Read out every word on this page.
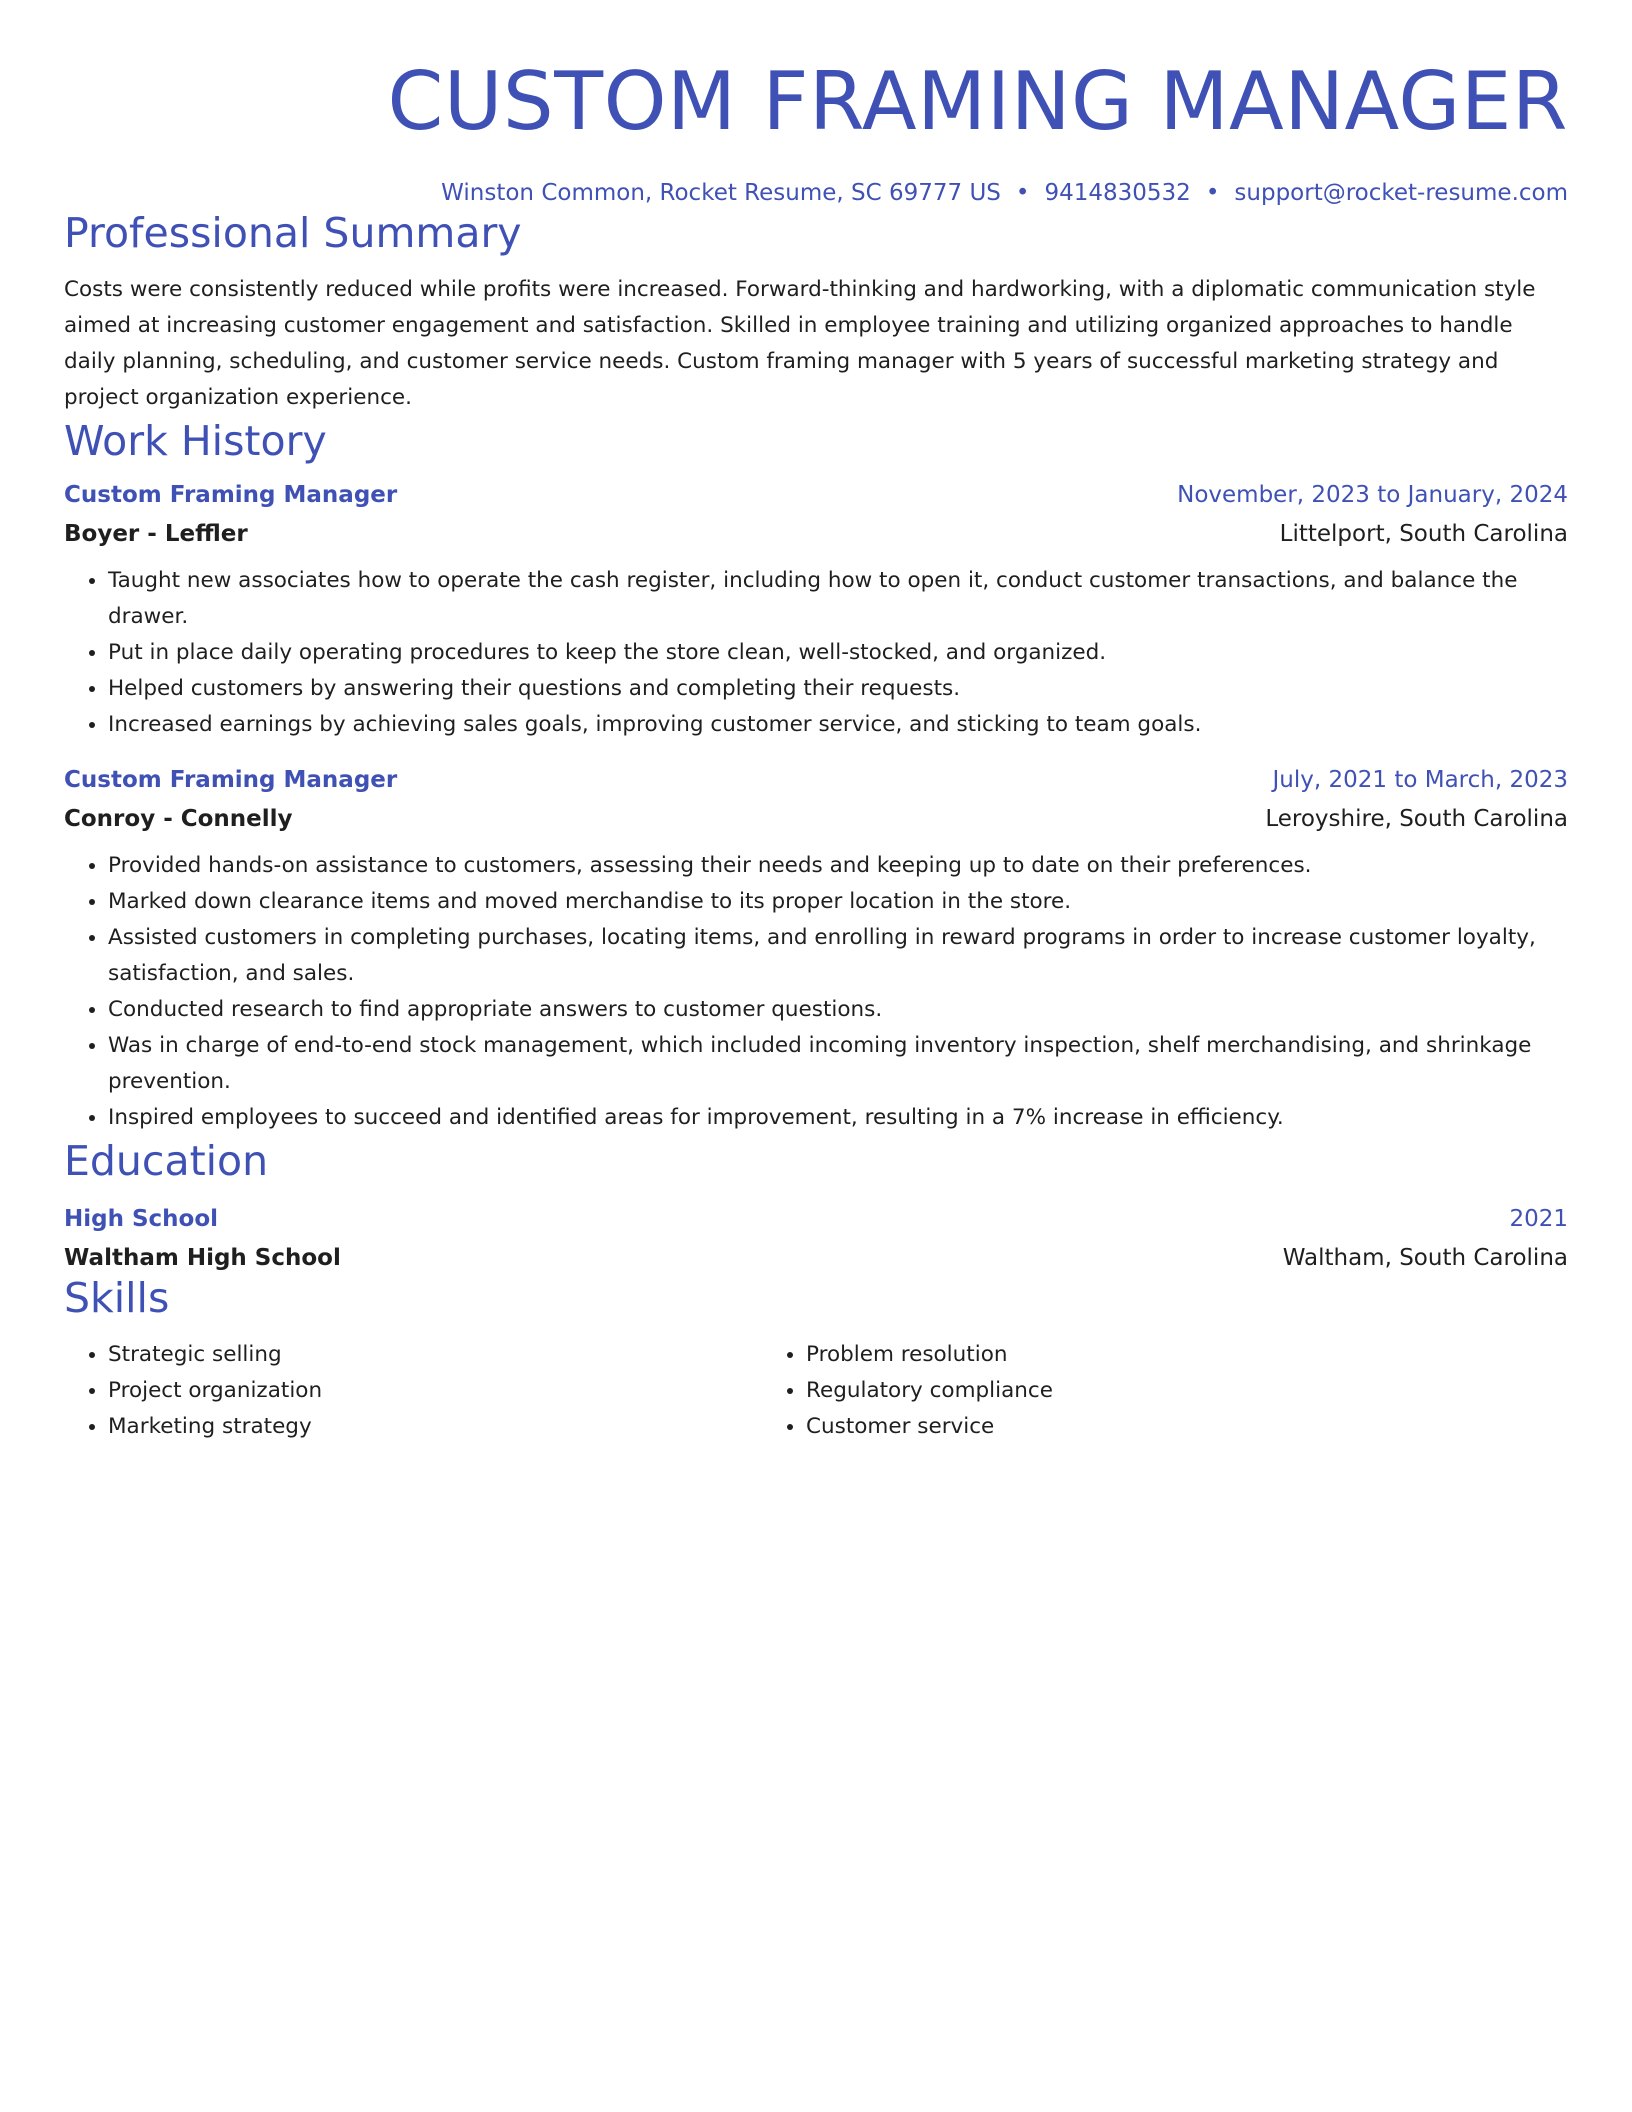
CUSTOM FRAMING MANAGER
Winston Common, Rocket Resume, SC 69777 US • 9414830532 • support@rocket-resume.com
Professional Summary
Costs were consistently reduced while profits were increased. Forward-thinking and hardworking, with a diplomatic communication style aimed at increasing customer engagement and satisfaction. Skilled in employee training and utilizing organized approaches to handle daily planning, scheduling, and customer service needs. Custom framing manager with 5 years of successful marketing strategy and project organization experience.
Work History
Custom Framing Manager	November, 2023 to January, 2024
Boyer - Leffler	Littelport, South Carolina
• Taught new associates how to operate the cash register, including how to open it, conduct customer transactions, and balance the drawer.
• Put in place daily operating procedures to keep the store clean, well-stocked, and organized.
• Helped customers by answering their questions and completing their requests.
• Increased earnings by achieving sales goals, improving customer service, and sticking to team goals.
Custom Framing Manager	July, 2021 to March, 2023
Conroy - Connelly	Leroyshire, South Carolina
• Provided hands-on assistance to customers, assessing their needs and keeping up to date on their preferences.
• Marked down clearance items and moved merchandise to its proper location in the store.
• Assisted customers in completing purchases, locating items, and enrolling in reward programs in order to increase customer loyalty, satisfaction, and sales.
• Conducted research to find appropriate answers to customer questions.
• Was in charge of end-to-end stock management, which included incoming inventory inspection, shelf merchandising, and shrinkage prevention.
• Inspired employees to succeed and identified areas for improvement, resulting in a 7% increase in efficiency.
Education
High School	2021
Waltham High School	Waltham, South Carolina
Skills
• Strategic selling
• Project organization
• Marketing strategy
• Problem resolution
• Regulatory compliance
• Customer service
